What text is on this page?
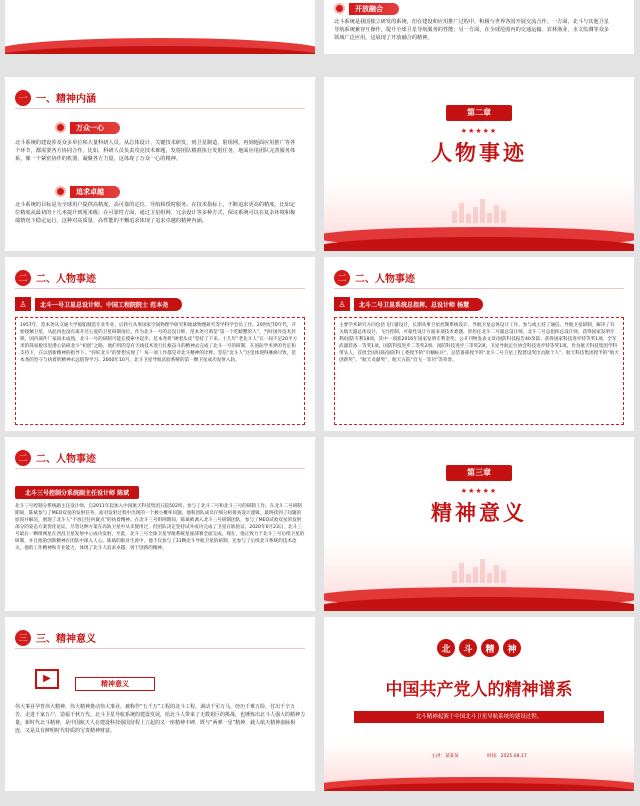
开放融合
北斗系统是我国独立研发的系统，但在建设和应用推广过程中，积极与世界各国开展交流合作。一方面，北斗与其他卫星导航系统兼容互操作，提升全球卫星导航服务的性能；另一方面，在全球范围内的交通运输、农林渔业、水文监测等众多领域广泛应用，这展现了开放融合的精神。
一 一、精神内涵
万众一心
北斗系统的建设涉及众多单位和大量科研人员。从总体设计、关键技术研发，到卫星制造、射组网，再到地面应用推广等各个环节，都需要各方协同合作。比如，科研人员负责攻克技术难题，发射团队精准执行发射任务，地面应用团队完善服务体系，像一个紧密协作的机器，凝聚各方力量，这体现了万众一心的精神。
追求卓越
北斗系统的目标是为全球用户提供高精度、高可靠的定位、导航和授时服务。在技术指标上，不断追求更高的精度。比如定位精度从最初的十几米提升到厘米级；在可靠性方面，通过卫星组网、冗余设计等多种方式，保证系统可以在复杂环境和极端情况下稳定运行，这种对高质量、高性能的不懈追求体现了追求卓越的精神内涵。
第二章
★★★★★
人物事迹
二 二、人物事迹
♙	北斗一号卫星总设计师、中国工程院院士 范本尧
1957年，范本尧从交通大学船舶制造专业毕业，后转行从事国家空间物理学研究和地球物理研究等学科学会员工作。20世纪70年代，开始接触卫星，从此再也没有离开过心爱的卫星研制岗位。作为北斗一号的总设计师，范本尧可谓是“第一个吃螃蟹的人”，当时国外技术封锁，国内部件厂家尚未成熟，北斗一号的研制可能在摸索中起步。范本尧将“硬着头皮”坚持了下来。十几年“老北斗人”在一间不足20平方米的简易板房里潜心钻研北斗“初创”之路，他们用的是有天线技术进行扎根奋斗的精神去完成了北斗一号的研制，在国际学术界的肯定和支持下，在以创新精神的指导下，“你好北斗”的梦想实现了！每一项工作都是对北斗精神的诠释。坚信“北斗人”这里体现得淋漓尽致，范本尧的坚守与执着的精神永远值得学习。2000年10月，北斗卫星导航试验系统的第一颗卫星成功发射入轨。
二 二、人物事迹
♙	北斗二号卫星系统总指挥、总设计师 杨慧
主要学术研究方向包括飞行器设计，长期从事卫星控制系统设计、导航卫星总体设计工作。参与或主持了通信、导航卫星研制，解决了有关航天器总体设计、飞行控制、可靠性设计方面多项技术难题。曾担任北斗二号副总设计师，北斗二号总指挥总设计师，获得国家发明专利/国防专利18项，其中一项获2016年国家发明专利金奖；公开刊物发表文章/国防科技报告40余篇；获得国家科技进步特等奖1项、全军武器装备一等奖1项、国防科技进步二等奖2项、国防科技进步三等奖2项，卫星导航定位协会科技进步特等奖1项。作为航天科技集团学科带头人，首批全国妇联/国防科工委授予的“巾帼标兵”，总装备部授予的“北斗二号卫星工程建设突出贡献个人”，航天科技集团授予的“航天创新奖”、“航天贡献奖”，航天五院“首飞一等功”等荣誉。
二 二、人物事迹
北斗三号控制分系统副主任设计师 陈斌
北斗三号控制分系统副主任设计师，自2011年起加入中国航天科技集团五院502所。参与了北斗二号和北斗三号的研制工作。在北斗二号研制期间，陈斌参与了MEO双星的发射任务，面对发射过程中出现的一个极小概率问题，他和团队成员仔细分析排查设计逻辑，最终找到了问题的原因并解决，展现了北斗人“不放过任何疑点”的执着精神。在北斗三号组网期间，陈斌被调入北斗三号研制团队，参与了MEO试验双星的发射部分的姿态方案优化论证，尽管这种方案在高轨卫星中从未使用过，但团队决定坚持试并成功完成了卫星在轨验证。2020年6月23日，北斗三号最后一颗组网星在西昌卫星发射中心成功发射，至此，北斗三号全球卫星导航系统星座部署全面完成。现在，他正致力于北斗三号后续卫星的研制，并且他的创新精神在团队中深入人心。陈斌的职业生涯中，他不仅参与了31颗北斗导航卫星的研制，还参与了后续北斗系统的技术攻关，他的工作精神和专业能力，体现了北斗人追求卓越，勇于创新的精神。
第三章
★★★★★
精神意义
三 三、精神意义
▶	精神意义
伟大事业孕育伟大精神，伟大精神推动伟大事业。被称作“五千万”工程的北斗工程，调动千军万马，经历千难万险，付出千辛万苦，走进千家万户，造福千秋万代。北斗卫星导航系统的建设发展，给北斗人带来了无数艰巨的挑战，也锤炼出北斗人强大的精神力量。新时代北斗精神，是中国航天人在建设科技强国征程上立起的又一座精神丰碑，既与“两弹一星”精神、载人航天精神血脉相连，又是具有鲜明时代特质的宝贵精神财富。
北	斗	精	神
中国共产党人的精神谱系
北斗精神起源于中国北斗卫星导航系统的建设过程。
主讲：某某某	时间：2025.08.17
